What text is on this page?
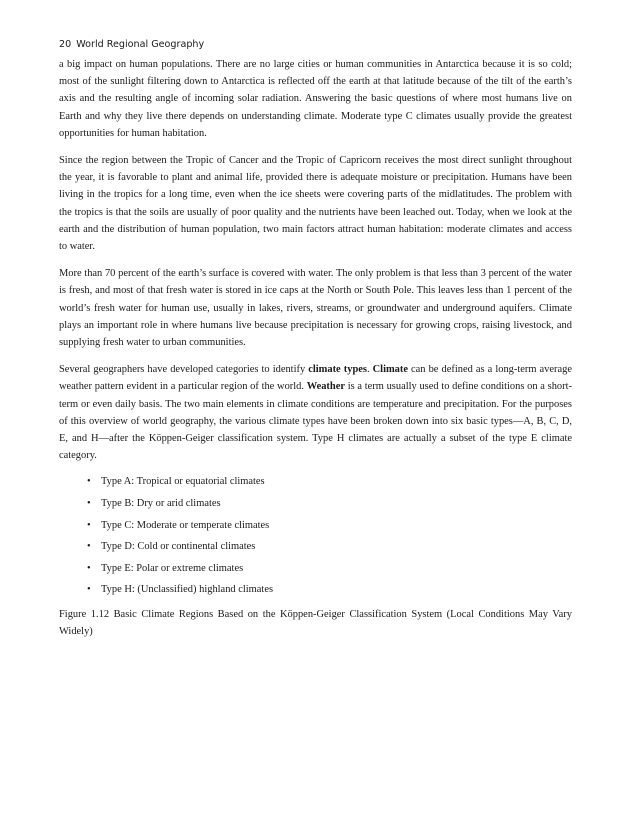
20 World Regional Geography

a big impact on human populations. There are no large cities or human communities in Antarctica because it is so cold; most of the sunlight filtering down to Antarctica is reflected off the earth at that latitude because of the tilt of the earth’s axis and the resulting angle of incoming solar radiation. Answering the basic questions of where most humans live on Earth and why they live there depends on understanding climate. Moderate type C climates usually provide the greatest opportunities for human habitation.

Since the region between the Tropic of Cancer and the Tropic of Capricorn receives the most direct sunlight throughout the year, it is favorable to plant and animal life, provided there is adequate moisture or precipitation. Humans have been living in the tropics for a long time, even when the ice sheets were covering parts of the midlatitudes. The problem with the tropics is that the soils are usually of poor quality and the nutrients have been leached out. Today, when we look at the earth and the distribution of human population, two main factors attract human habitation: moderate climates and access to water.

More than 70 percent of the earth’s surface is covered with water. The only problem is that less than 3 percent of the water is fresh, and most of that fresh water is stored in ice caps at the North or South Pole. This leaves less than 1 percent of the world’s fresh water for human use, usually in lakes, rivers, streams, or groundwater and underground aquifers. Climate plays an important role in where humans live because precipitation is necessary for growing crops, raising livestock, and supplying fresh water to urban communities.

Several geographers have developed categories to identify climate types. Climate can be defined as a long-term average weather pattern evident in a particular region of the world. Weather is a term usually used to define conditions on a short-term or even daily basis. The two main elements in climate conditions are temperature and precipitation. For the purposes of this overview of world geography, the various climate types have been broken down into six basic types—A, B, C, D, E, and H—after the Köppen-Geiger classification system. Type H climates are actually a subset of the type E climate category.

• Type A: Tropical or equatorial climates
• Type B: Dry or arid climates
• Type C: Moderate or temperate climates
• Type D: Cold or continental climates
• Type E: Polar or extreme climates
• Type H: (Unclassified) highland climates

Figure 1.12 Basic Climate Regions Based on the Köppen-Geiger Classification System (Local Conditions May Vary Widely)
